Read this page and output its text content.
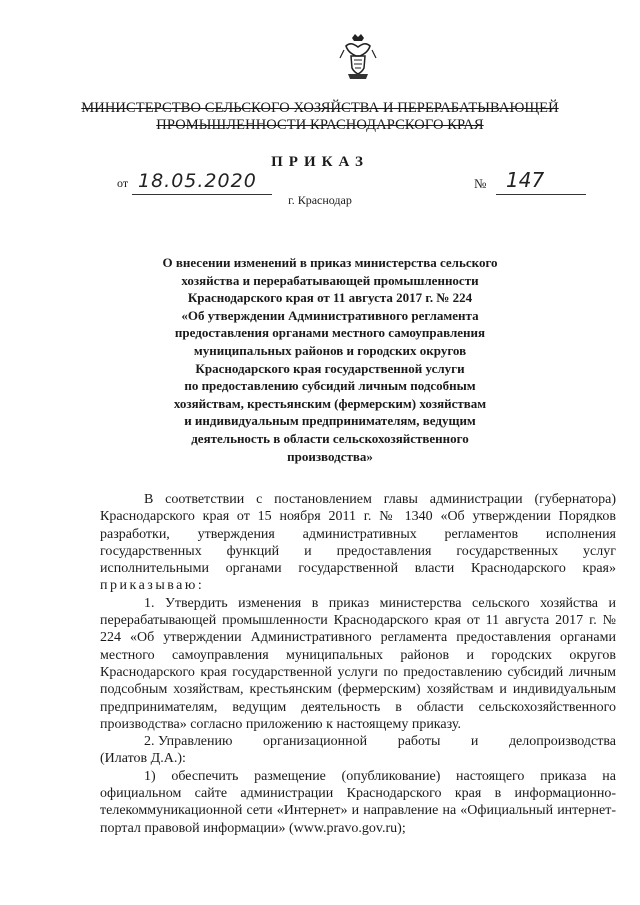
МИНИСТЕРСТВО СЕЛЬСКОГО ХОЗЯЙСТВА И ПЕРЕРАБАТЫВАЮЩЕЙ
ПРОМЫШЛЕННОСТИ КРАСНОДАРСКОГО КРАЯ
ПРИКАЗ
от 18.05.2020	№ 147
г. Краснодар
О внесении изменений в приказ министерства сельского
хозяйства и перерабатывающей промышленности
Краснодарского края от 11 августа 2017 г. № 224
«Об утверждении Административного регламента
предоставления органами местного самоуправления
муниципальных районов и городских округов
Краснодарского края государственной услуги
по предоставлению субсидий личным подсобным
хозяйствам, крестьянским (фермерским) хозяйствам
и индивидуальным предпринимателям, ведущим
деятельность в области сельскохозяйственного
производства»

В соответствии с постановлением главы администрации (губернатора) Краснодарского края от 15 ноября 2011 г. № 1340 «Об утверждении Порядков разработки, утверждения административных регламентов исполнения государственных функций и предоставления государственных услуг исполнительными органами государственной власти Краснодарского края» приказываю:

1. Утвердить изменения в приказ министерства сельского хозяйства и перерабатывающей промышленности Краснодарского края от 11 августа 2017 г. № 224 «Об утверждении Административного регламента предоставления органами местного самоуправления муниципальных районов и городских округов Краснодарского края государственной услуги по предоставлению субсидий личным подсобным хозяйствам, крестьянским (фермерским) хозяйствам и индивидуальным предпринимателям, ведущим деятельность в области сельскохозяйственного производства» согласно приложению к настоящему приказу.

2. Управлению организационной работы и делопроизводства
(Илатов Д.А.):

1) обеспечить размещение (опубликование) настоящего приказа на официальном сайте администрации Краснодарского края в информационно-телекоммуникационной сети «Интернет» и направление на «Официальный интернет-портал правовой информации» (www.pravo.gov.ru);
